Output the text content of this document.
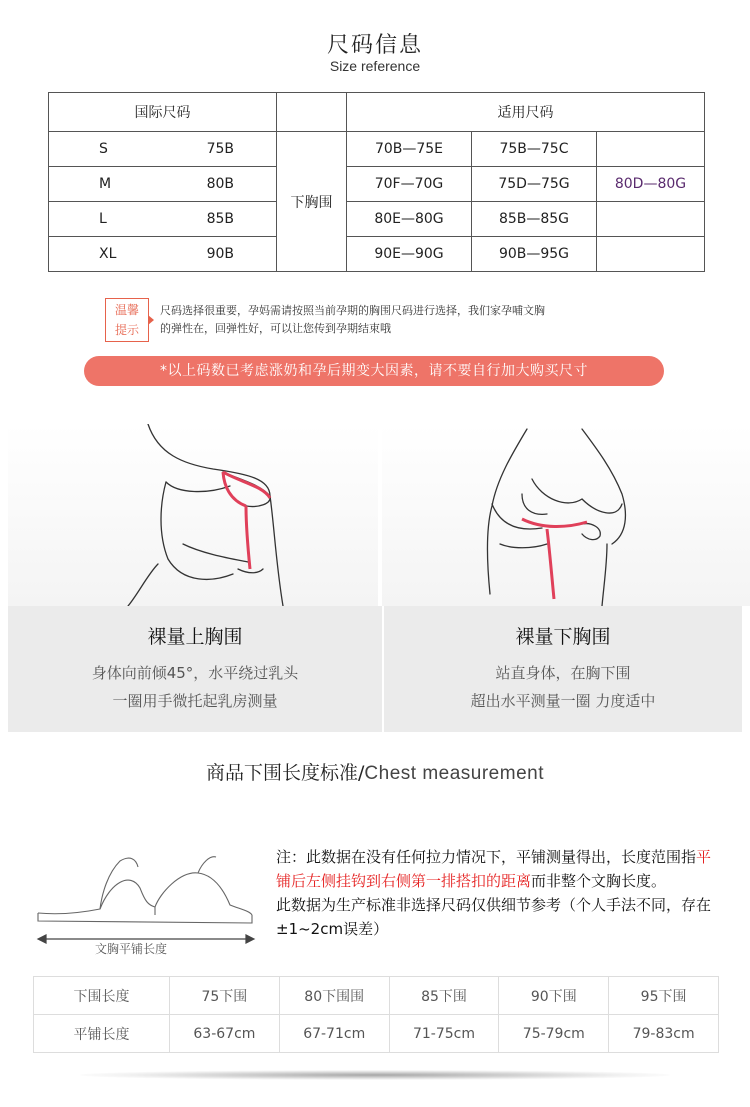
尺码信息
Size reference
国际尺码			适用尺码		
S	75B	下胸围	70B—75E	75B—75C	
M	80B		70F—70G	75D—75G	80D—80G
L	85B		80E—80G	85B—85G	
XL	90B		90E—90G	90B—95G	
温馨
提示
尺码选择很重要，孕妈需请按照当前孕期的胸围尺码进行选择，我们家孕哺文胸
的弹性在，回弹性好，可以让您传到孕期结束哦
*以上码数已考虑涨奶和孕后期变大因素，请不要自行加大购买尺寸
裸量上胸围
身体向前倾45°，水平绕过乳头
一圈用手微托起乳房测量
裸量下胸围
站直身体，在胸下围
超出水平测量一圈 力度适中
商品下围长度标准/Chest measurement
文胸平铺长度
注：此数据在没有任何拉力情况下，平铺测量得出，长度范围指平铺后左侧挂钩到右侧第一排搭扣的距离而非整个文胸长度。
此数据为生产标准非选择尺码仅供细节参考（个人手法不同，存在±1~2cm误差）
下围长度	75下围	80下围围	85下围	90下围	95下围
平铺长度	63-67cm	67-71cm	71-75cm	75-79cm	79-83cm
